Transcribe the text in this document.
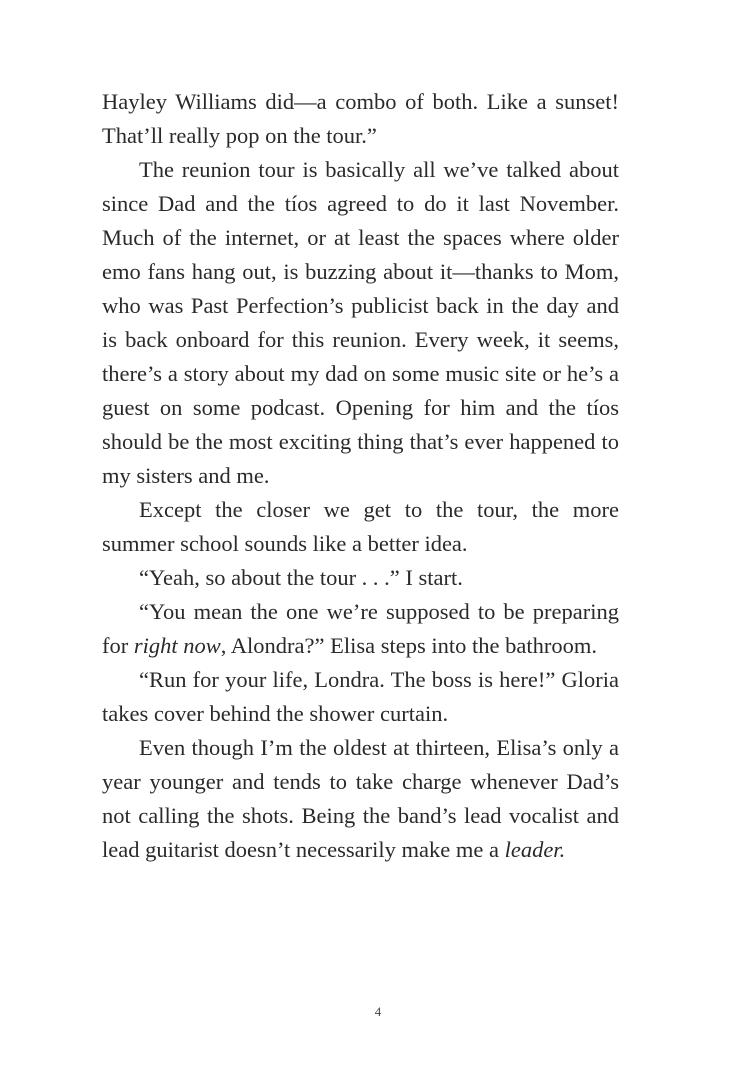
Hayley Williams did—a combo of both. Like a sunset! That’ll really pop on the tour.”

The reunion tour is basically all we’ve talked about since Dad and the tíos agreed to do it last November. Much of the internet, or at least the spaces where older emo fans hang out, is buzzing about it—thanks to Mom, who was Past Perfection’s publicist back in the day and is back onboard for this reunion. Every week, it seems, there’s a story about my dad on some music site or he’s a guest on some podcast. Opening for him and the tíos should be the most exciting thing that’s ever happened to my sisters and me.

Except the closer we get to the tour, the more summer school sounds like a better idea.

“Yeah, so about the tour . . .” I start.

“You mean the one we’re supposed to be preparing for right now, Alondra?” Elisa steps into the bathroom.

“Run for your life, Londra. The boss is here!” Gloria takes cover behind the shower curtain.

Even though I’m the oldest at thirteen, Elisa’s only a year younger and tends to take charge whenever Dad’s not calling the shots. Being the band’s lead vocalist and lead guitarist doesn’t necessarily make me a leader.

4
